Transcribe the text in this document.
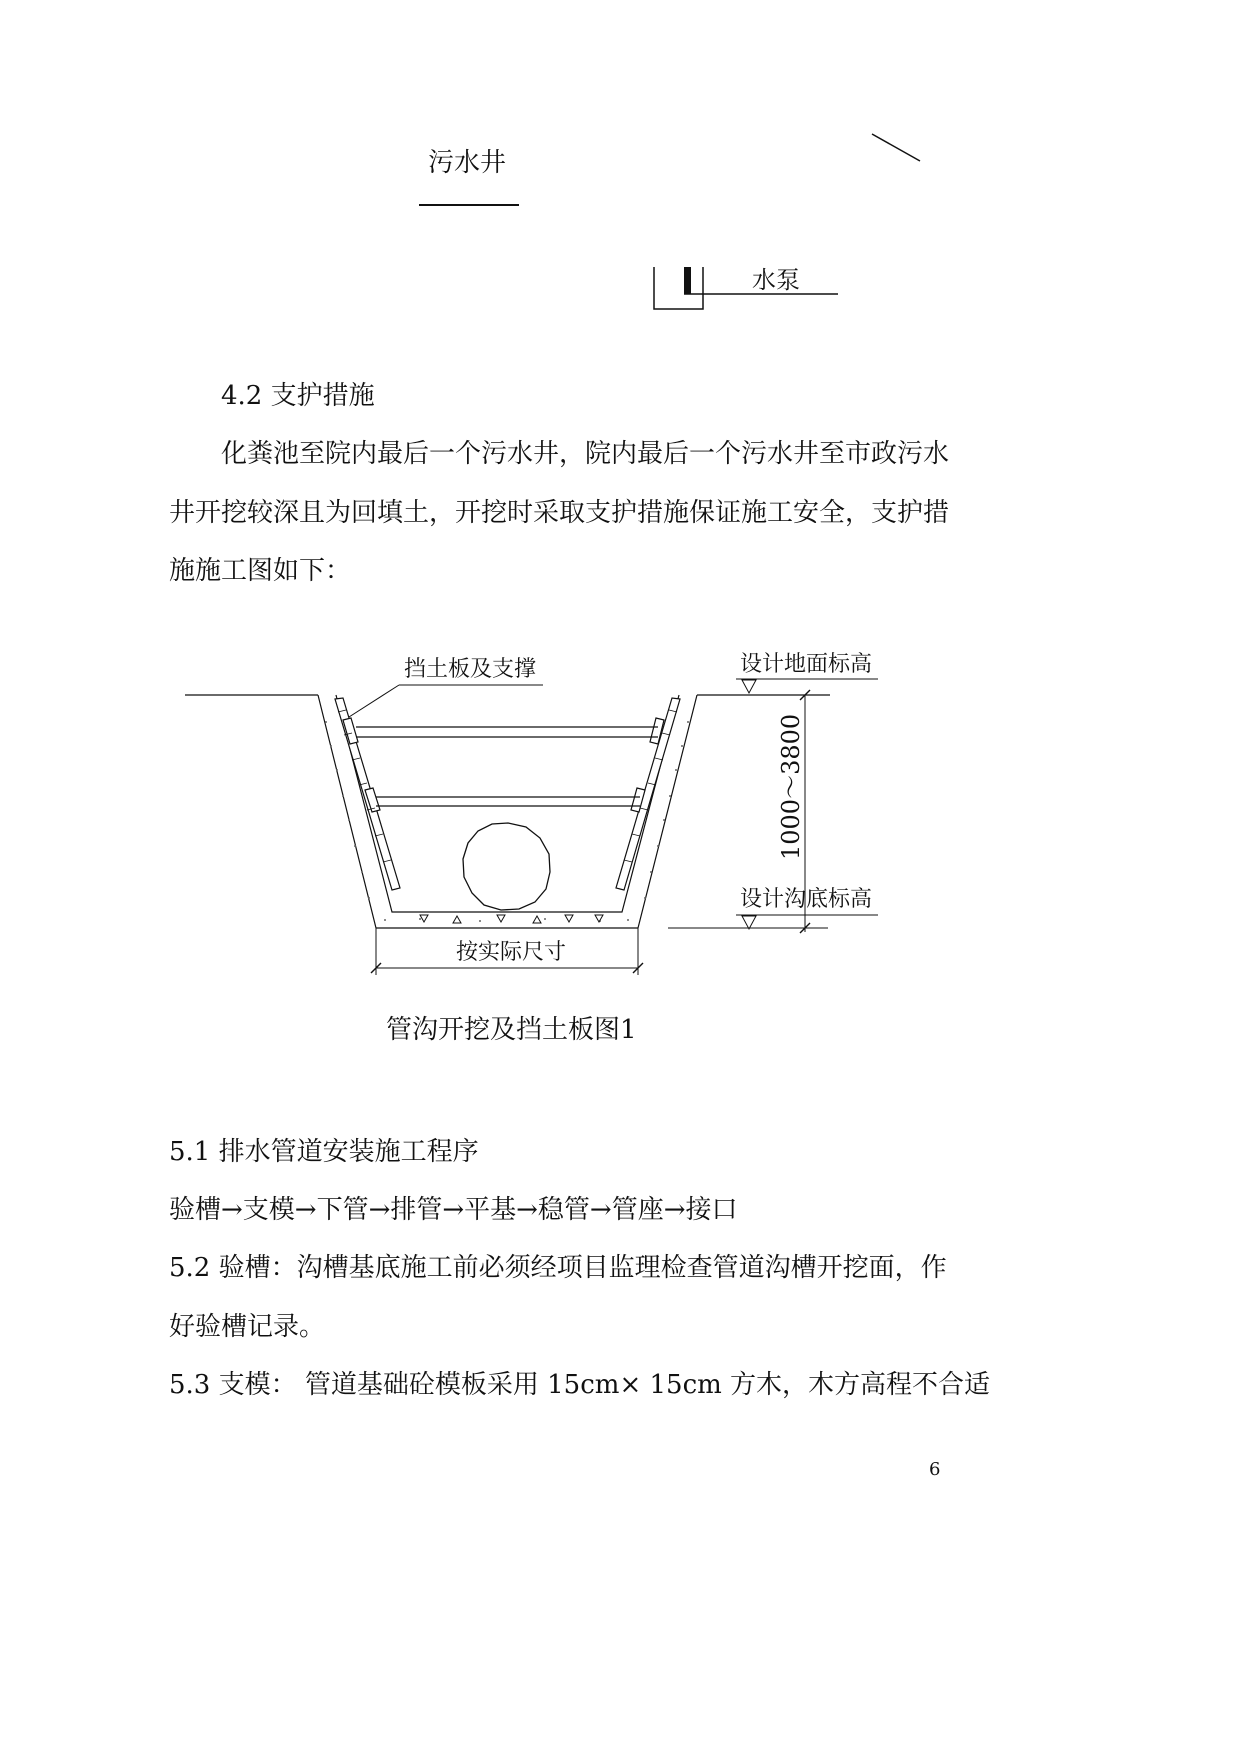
污水井
水泵
4.2 支护措施
化粪池至院内最后一个污水井，院内最后一个污水井至市政污水
井开挖较深且为回填土，开挖时采取支护措施保证施工安全，支护措
施施工图如下：
挡土板及支撑	设计地面标高
设计沟底标高
1000～3800
按实际尺寸
管沟开挖及挡土板图1
5.1 排水管道安装施工程序
验槽→支模→下管→排管→平基→稳管→管座→接口
5.2 验槽：沟槽基底施工前必须经项目监理检查管道沟槽开挖面，作
好验槽记录。
5.3 支模： 管道基础砼模板采用 15cm× 15cm 方木，木方高程不合适
6
